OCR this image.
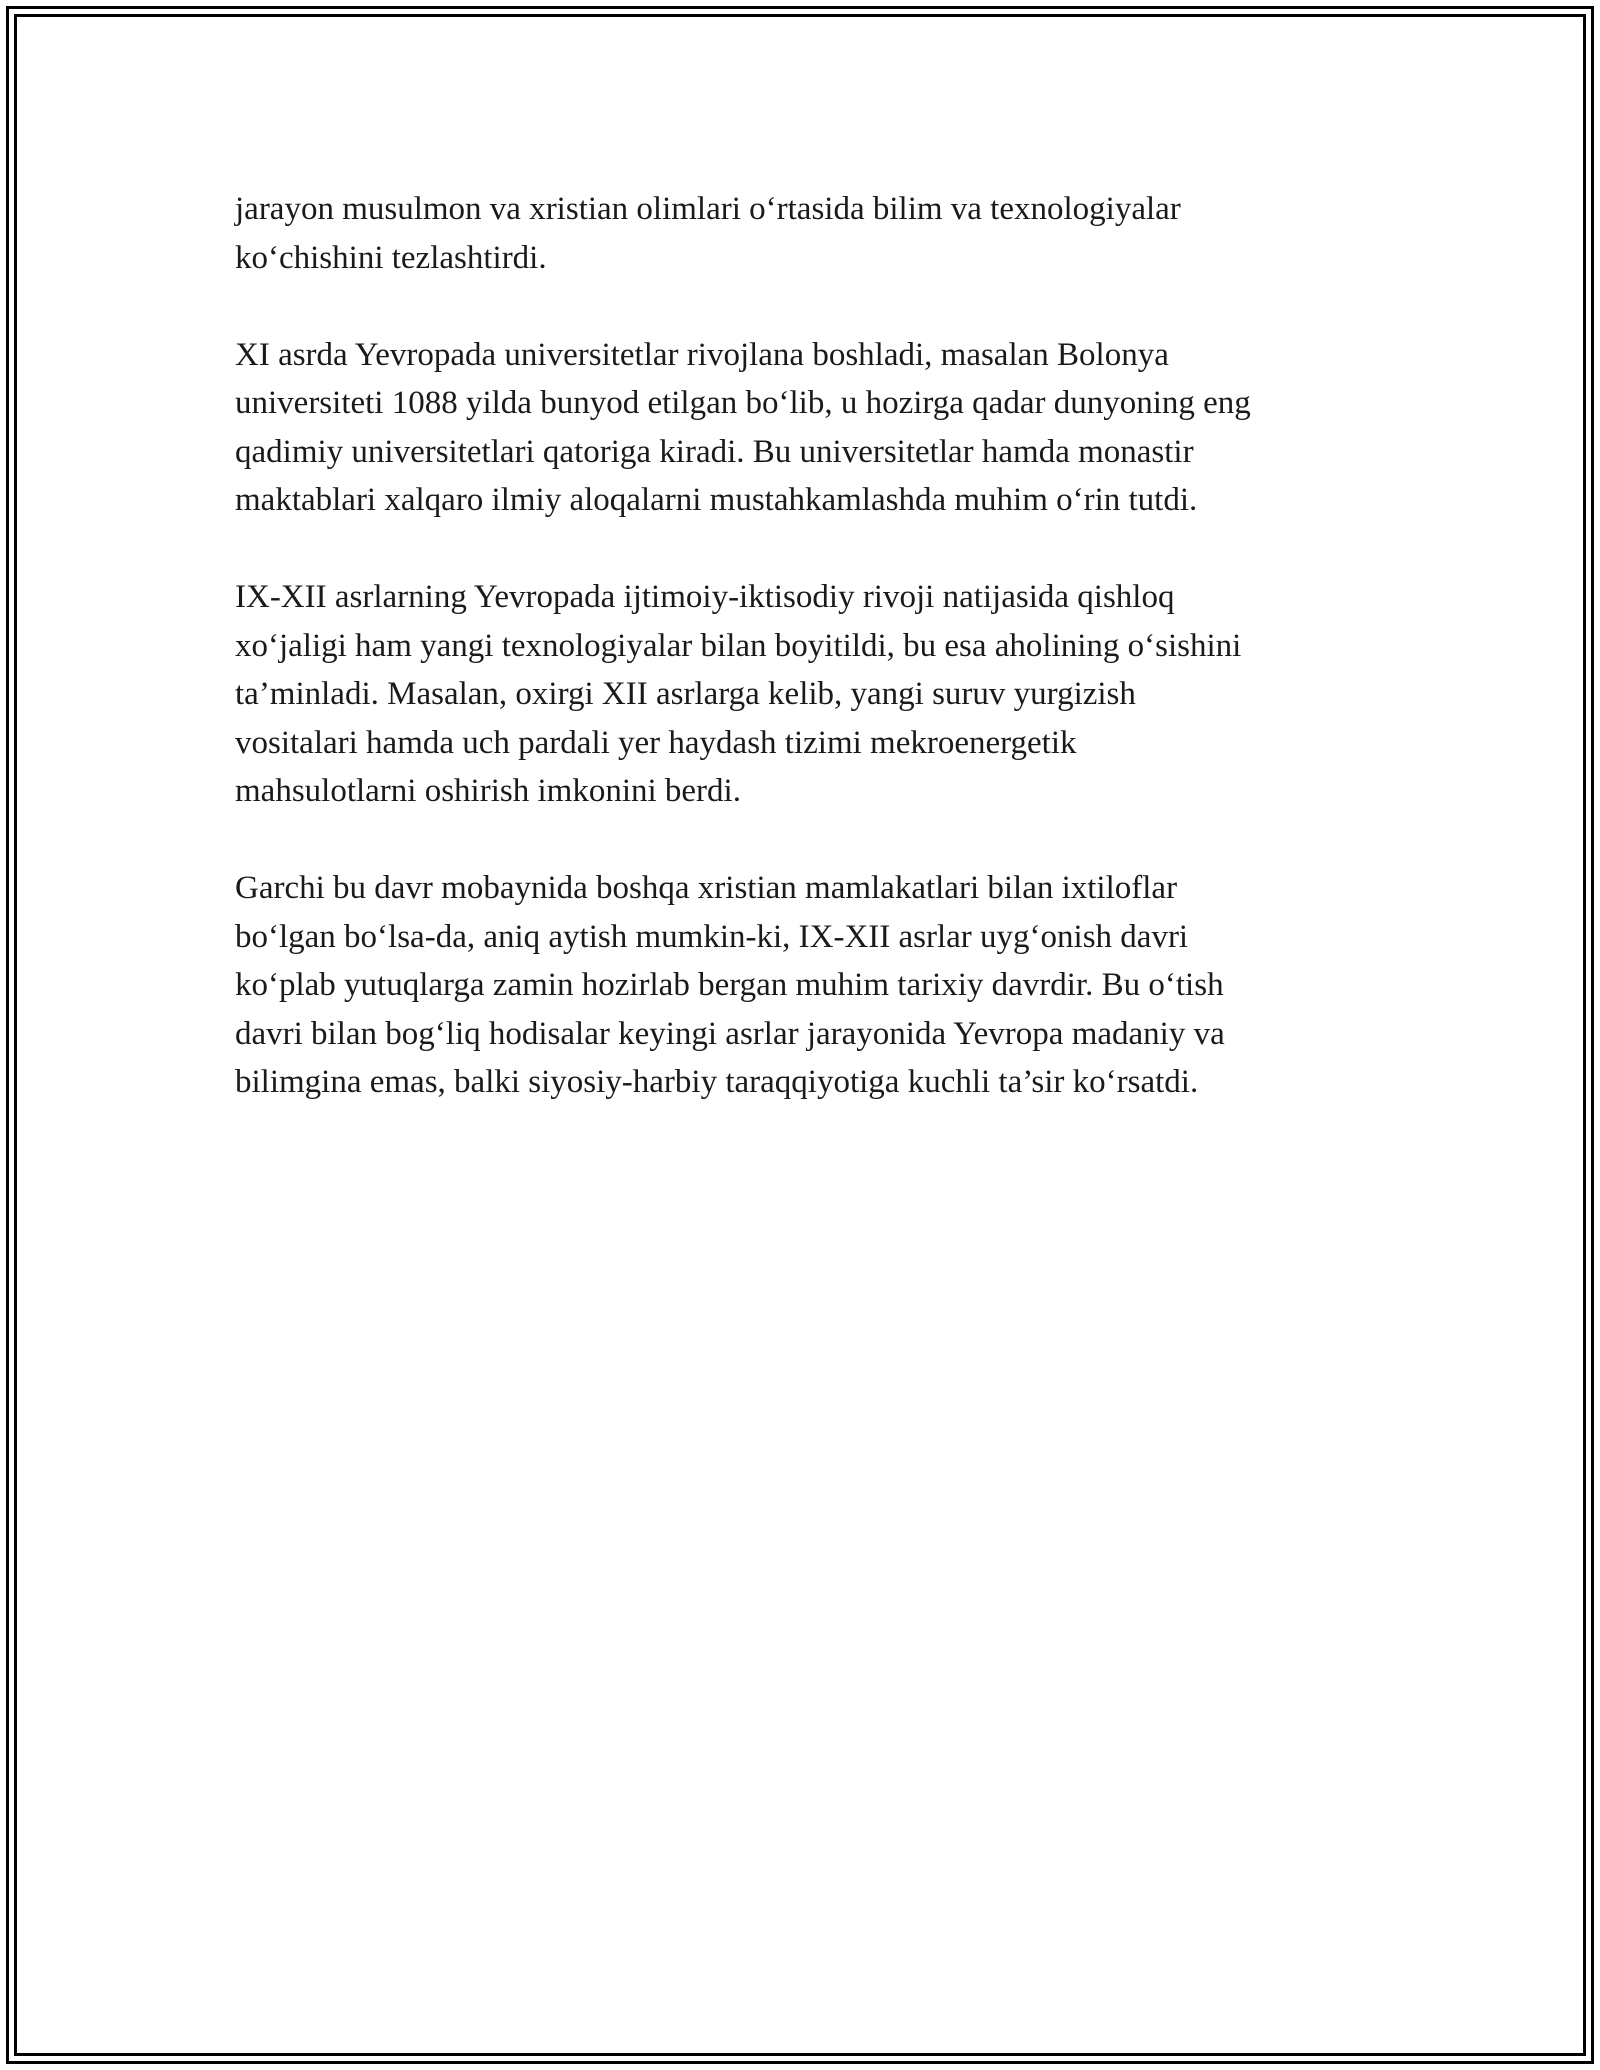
jarayon musulmon va xristian olimlari o‘rtasida bilim va texnologiyalar
ko‘chishini tezlashtirdi.

XI asrda Yevropada universitetlar rivojlana boshladi, masalan Bolonya
universiteti 1088 yilda bunyod etilgan bo‘lib, u hozirga qadar dunyoning eng
qadimiy universitetlari qatoriga kiradi. Bu universitetlar hamda monastir
maktablari xalqaro ilmiy aloqalarni mustahkamlashda muhim o‘rin tutdi.

IX-XII asrlarning Yevropada ijtimoiy-iktisodiy rivoji natijasida qishloq
xo‘jaligi ham yangi texnologiyalar bilan boyitildi, bu esa aholining o‘sishini
ta’minladi. Masalan, oxirgi XII asrlarga kelib, yangi suruv yurgizish
vositalari hamda uch pardali yer haydash tizimi mekroenergetik
mahsulotlarni oshirish imkonini berdi.

Garchi bu davr mobaynida boshqa xristian mamlakatlari bilan ixtiloflar
bo‘lgan bo‘lsa-da, aniq aytish mumkin-ki, IX-XII asrlar uyg‘onish davri
ko‘plab yutuqlarga zamin hozirlab bergan muhim tarixiy davrdir. Bu o‘tish
davri bilan bog‘liq hodisalar keyingi asrlar jarayonida Yevropa madaniy va
bilimgina emas, balki siyosiy-harbiy taraqqiyotiga kuchli ta’sir ko‘rsatdi.
